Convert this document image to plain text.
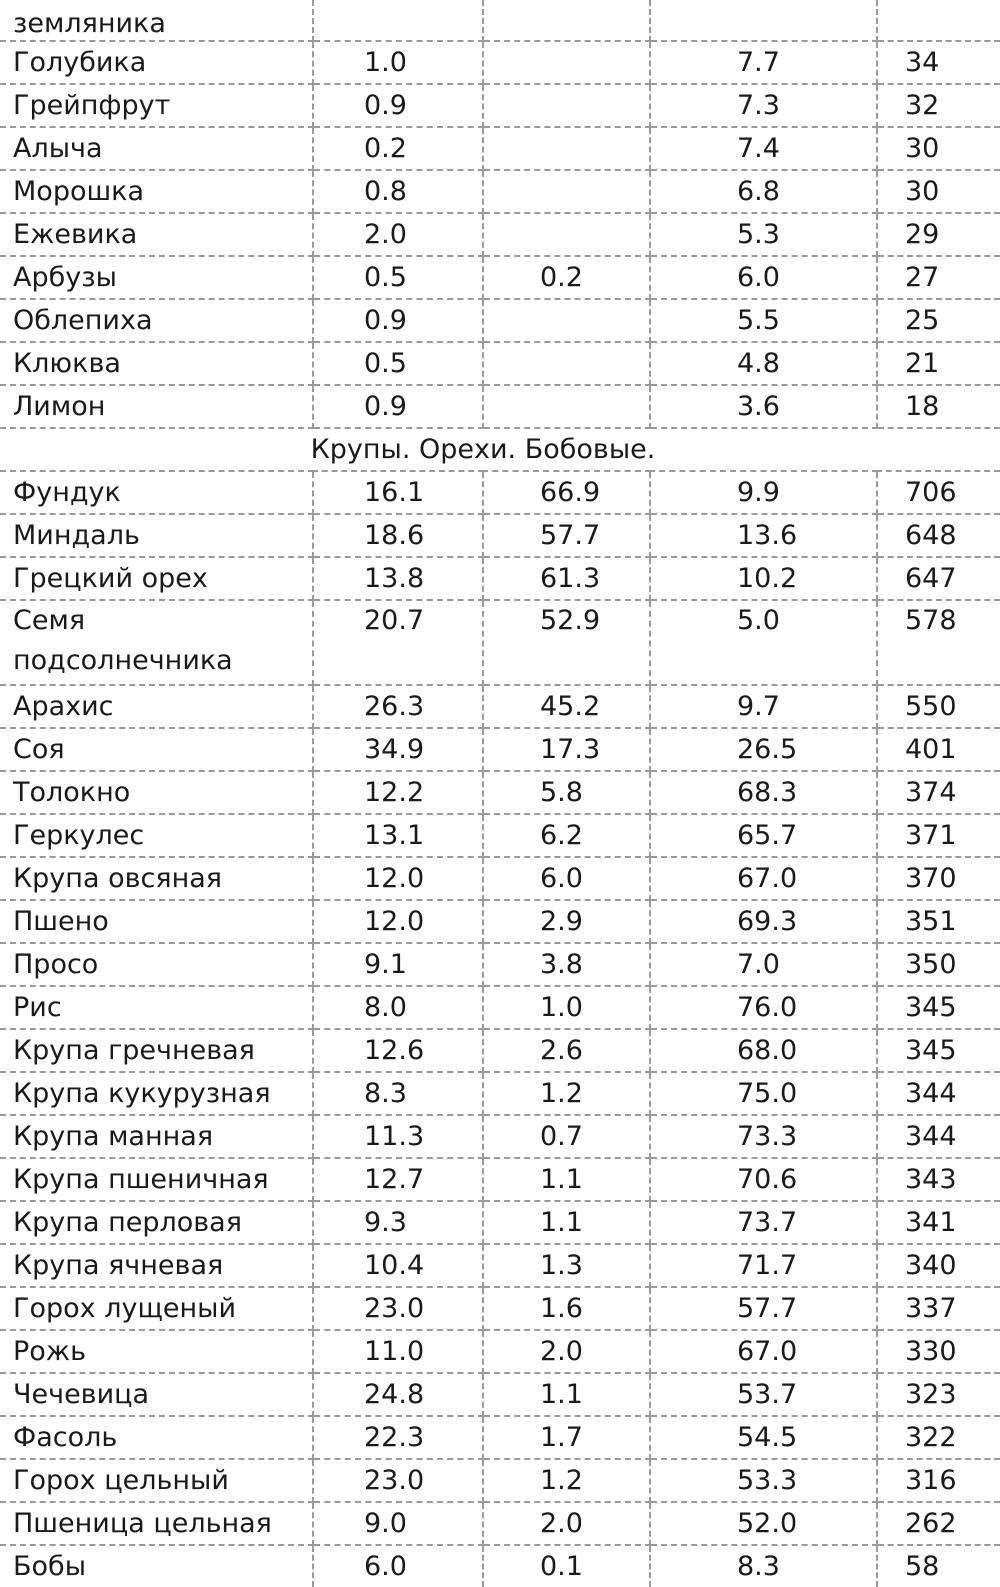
земляника				
Голубика	1.0		7.7	34
Грейпфрут	0.9		7.3	32
Алыча	0.2		7.4	30
Морошка	0.8		6.8	30
Ежевика	2.0		5.3	29
Арбузы	0.5	0.2	6.0	27
Облепиха	0.9		5.5	25
Клюква	0.5		4.8	21
Лимон	0.9		3.6	18
Крупы. Орехи. Бобовые.				
Фундук	16.1	66.9	9.9	706
Миндаль	18.6	57.7	13.6	648
Грецкий орех	13.8	61.3	10.2	647
Семя подсолнечника	20.7	52.9	5.0	578
Арахис	26.3	45.2	9.7	550
Соя	34.9	17.3	26.5	401
Толокно	12.2	5.8	68.3	374
Геркулес	13.1	6.2	65.7	371
Крупа овсяная	12.0	6.0	67.0	370
Пшено	12.0	2.9	69.3	351
Просо	9.1	3.8	7.0	350
Рис	8.0	1.0	76.0	345
Крупа гречневая	12.6	2.6	68.0	345
Крупа кукурузная	8.3	1.2	75.0	344
Крупа манная	11.3	0.7	73.3	344
Крупа пшеничная	12.7	1.1	70.6	343
Крупа перловая	9.3	1.1	73.7	341
Крупа ячневая	10.4	1.3	71.7	340
Горох лущеный	23.0	1.6	57.7	337
Рожь	11.0	2.0	67.0	330
Чечевица	24.8	1.1	53.7	323
Фасоль	22.3	1.7	54.5	322
Горох цельный	23.0	1.2	53.3	316
Пшеница цельная	9.0	2.0	52.0	262
Бобы	6.0	0.1	8.3	58
